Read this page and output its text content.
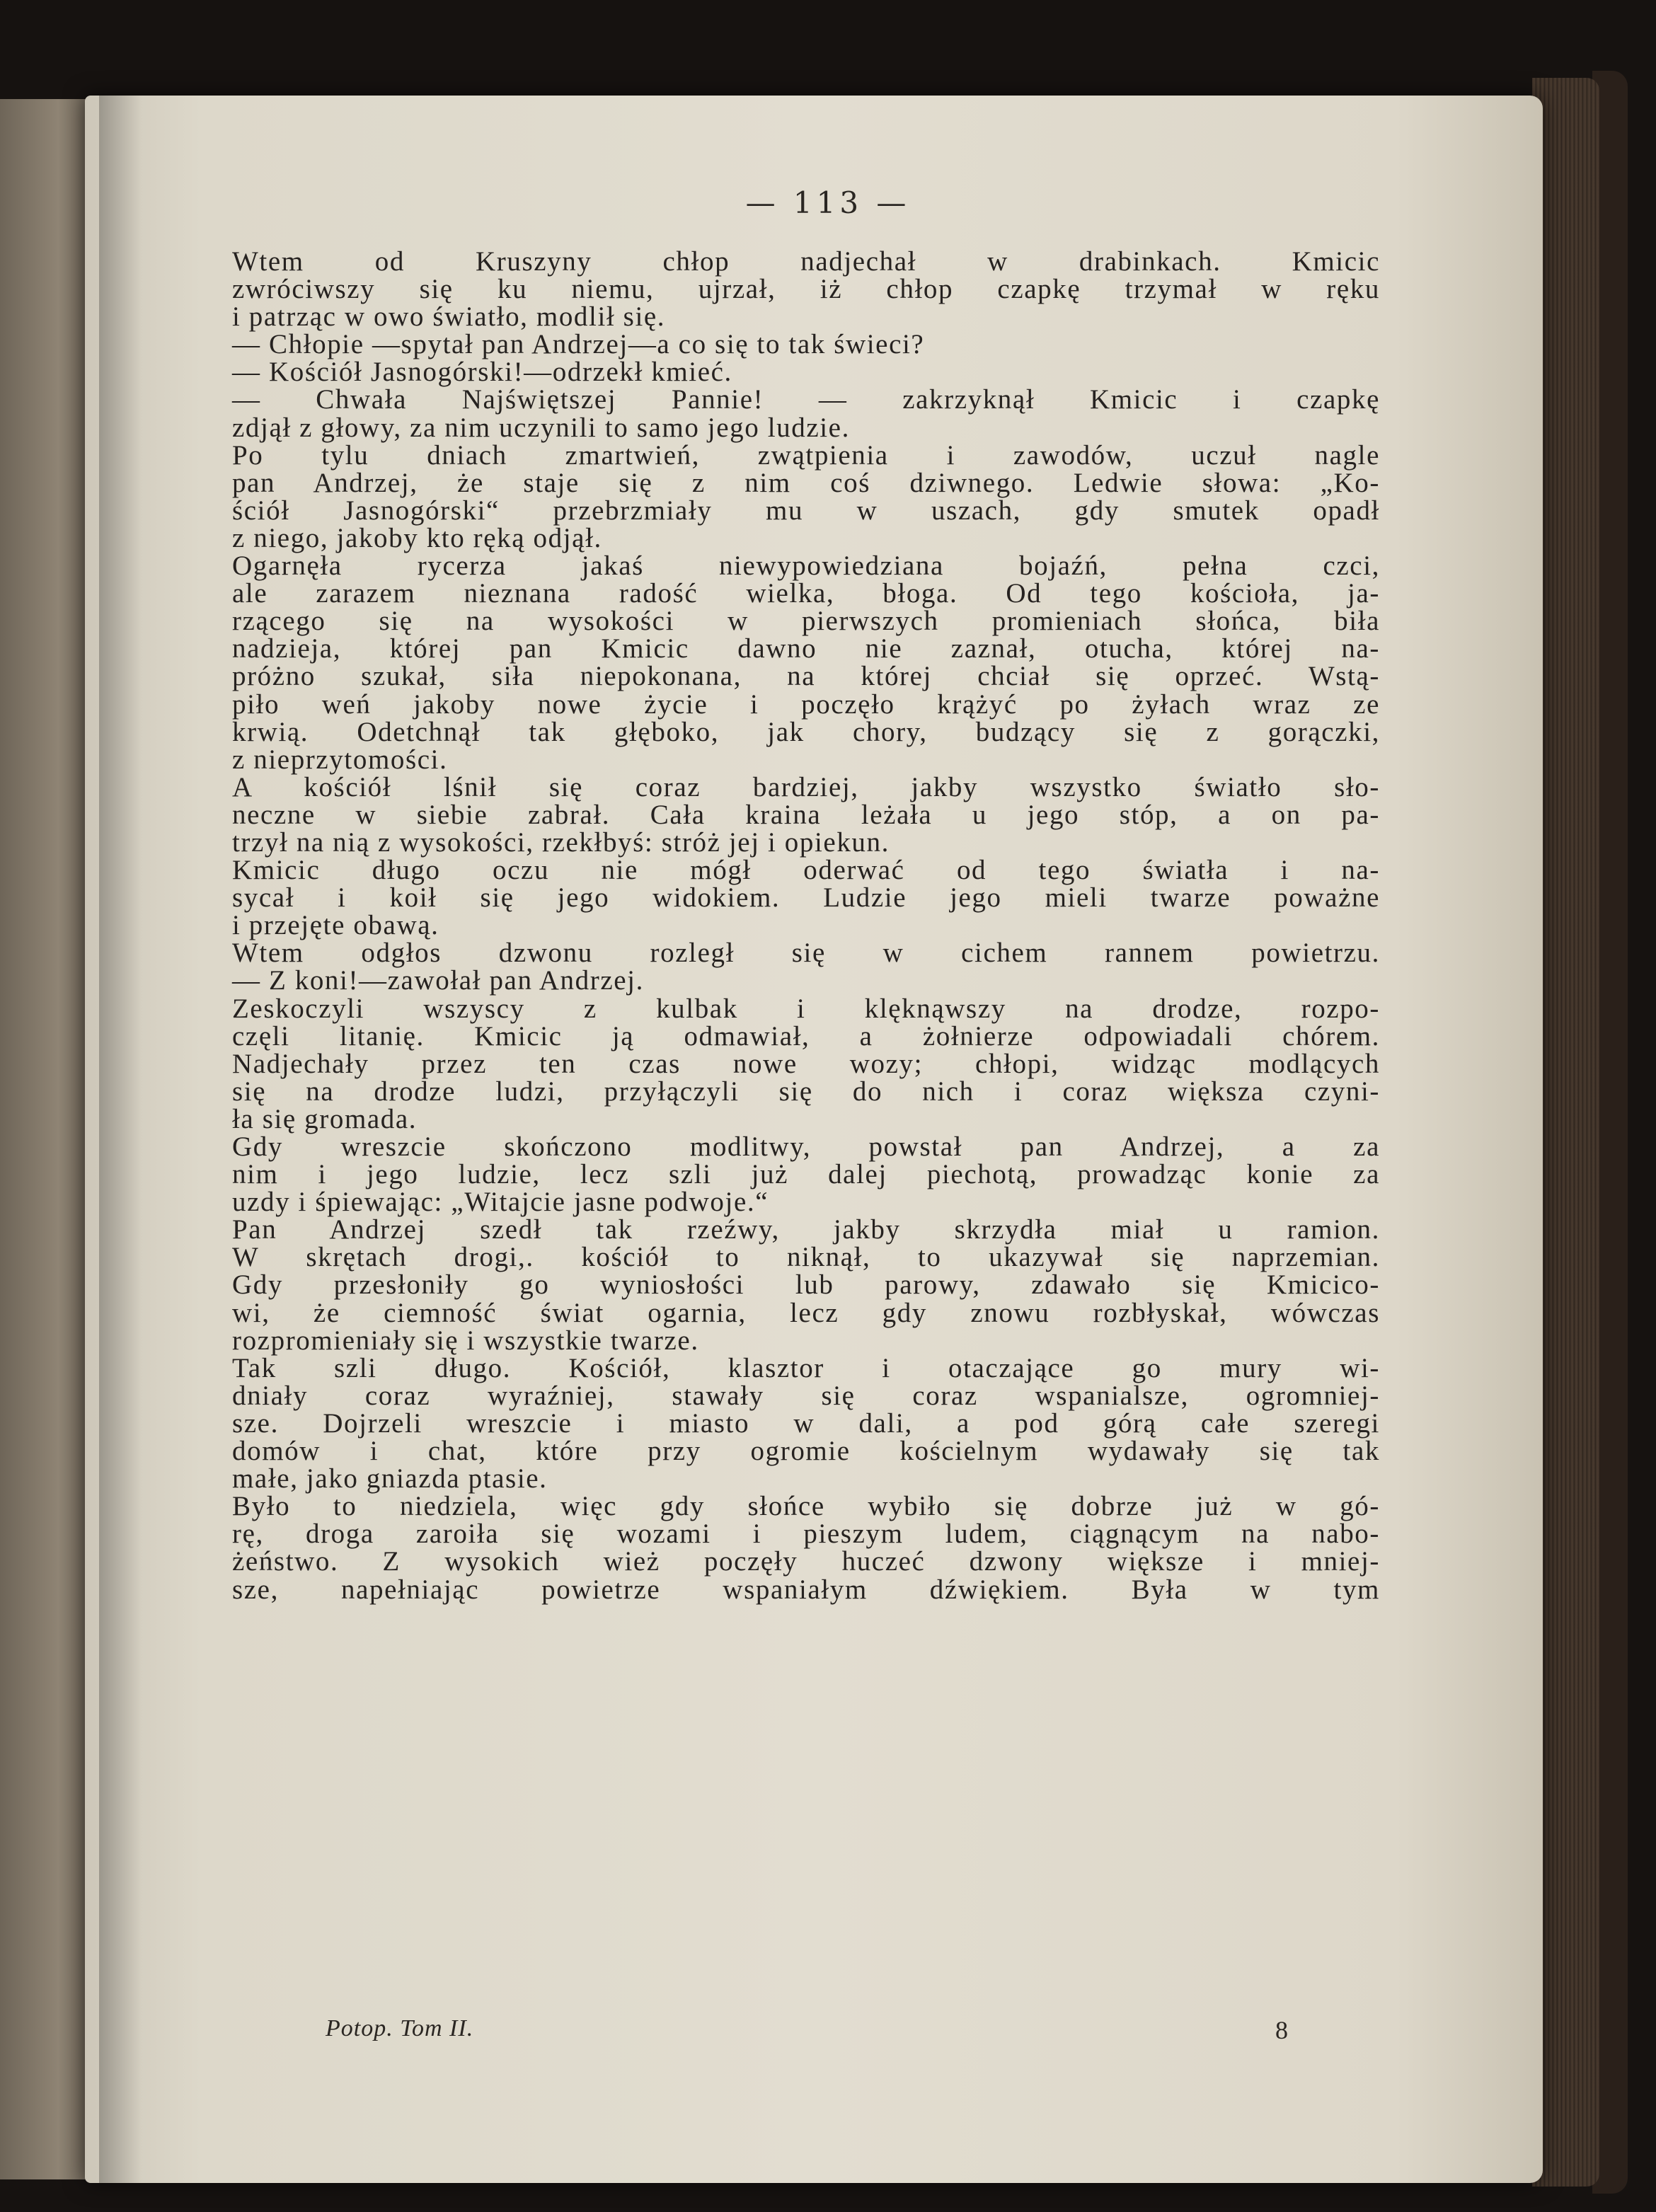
— 113 —
Wtem od Kruszyny chłop nadjechał w drabinkach. Kmicic
zwróciwszy się ku niemu, ujrzał, iż chłop czapkę trzymał w ręku
i patrząc w owo światło, modlił się.
— Chłopie —spytał pan Andrzej—a co się to tak świeci?
— Kościół Jasnogórski!—odrzekł kmieć.
— Chwała Najświętszej Pannie! — zakrzyknął Kmicic i czapkę
zdjął z głowy, za nim uczynili to samo jego ludzie.
Po tylu dniach zmartwień, zwątpienia i zawodów, uczuł nagle
pan Andrzej, że staje się z nim coś dziwnego. Ledwie słowa: „Ko-
ściół Jasnogórski“ przebrzmiały mu w uszach, gdy smutek opadł
z niego, jakoby kto ręką odjął.
Ogarnęła rycerza jakaś niewypowiedziana bojaźń, pełna czci,
ale zarazem nieznana radość wielka, błoga. Od tego kościoła, ja-
rzącego się na wysokości w pierwszych promieniach słońca, biła
nadzieja, której pan Kmicic dawno nie zaznał, otucha, której na-
próżno szukał, siła niepokonana, na której chciał się oprzeć. Wstą-
piło weń jakoby nowe życie i poczęło krążyć po żyłach wraz ze
krwią. Odetchnął tak głęboko, jak chory, budzący się z gorączki,
z nieprzytomości.
A kościół lśnił się coraz bardziej, jakby wszystko światło sło-
neczne w siebie zabrał. Cała kraina leżała u jego stóp, a on pa-
trzył na nią z wysokości, rzekłbyś: stróż jej i opiekun.
Kmicic długo oczu nie mógł oderwać od tego światła i na-
sycał i koił się jego widokiem. Ludzie jego mieli twarze poważne
i przejęte obawą.
Wtem odgłos dzwonu rozległ się w cichem rannem powietrzu.
— Z koni!—zawołał pan Andrzej.
Zeskoczyli wszyscy z kulbak i klęknąwszy na drodze, rozpo-
częli litanię. Kmicic ją odmawiał, a żołnierze odpowiadali chórem.
Nadjechały przez ten czas nowe wozy; chłopi, widząc modlących
się na drodze ludzi, przyłączyli się do nich i coraz większa czyni-
ła się gromada.
Gdy wreszcie skończono modlitwy, powstał pan Andrzej, a za
nim i jego ludzie, lecz szli już dalej piechotą, prowadząc konie za
uzdy i śpiewając: „Witajcie jasne podwoje.“
Pan Andrzej szedł tak rzeźwy, jakby skrzydła miał u ramion.
W skrętach drogi,. kościół to niknął, to ukazywał się naprzemian.
Gdy przesłoniły go wyniosłości lub parowy, zdawało się Kmicico-
wi, że ciemność świat ogarnia, lecz gdy znowu rozbłyskał, wówczas
rozpromieniały się i wszystkie twarze.
Tak szli długo. Kościół, klasztor i otaczające go mury wi-
dniały coraz wyraźniej, stawały się coraz wspanialsze, ogromniej-
sze. Dojrzeli wreszcie i miasto w dali, a pod górą całe szeregi
domów i chat, które przy ogromie kościelnym wydawały się tak
małe, jako gniazda ptasie.
Było to niedziela, więc gdy słońce wybiło się dobrze już w gó-
rę, droga zaroiła się wozami i pieszym ludem, ciągnącym na nabo-
żeństwo. Z wysokich wież poczęły huczeć dzwony większe i mniej-
sze, napełniając powietrze wspaniałym dźwiękiem. Była w tym
Potop. Tom II.	8
